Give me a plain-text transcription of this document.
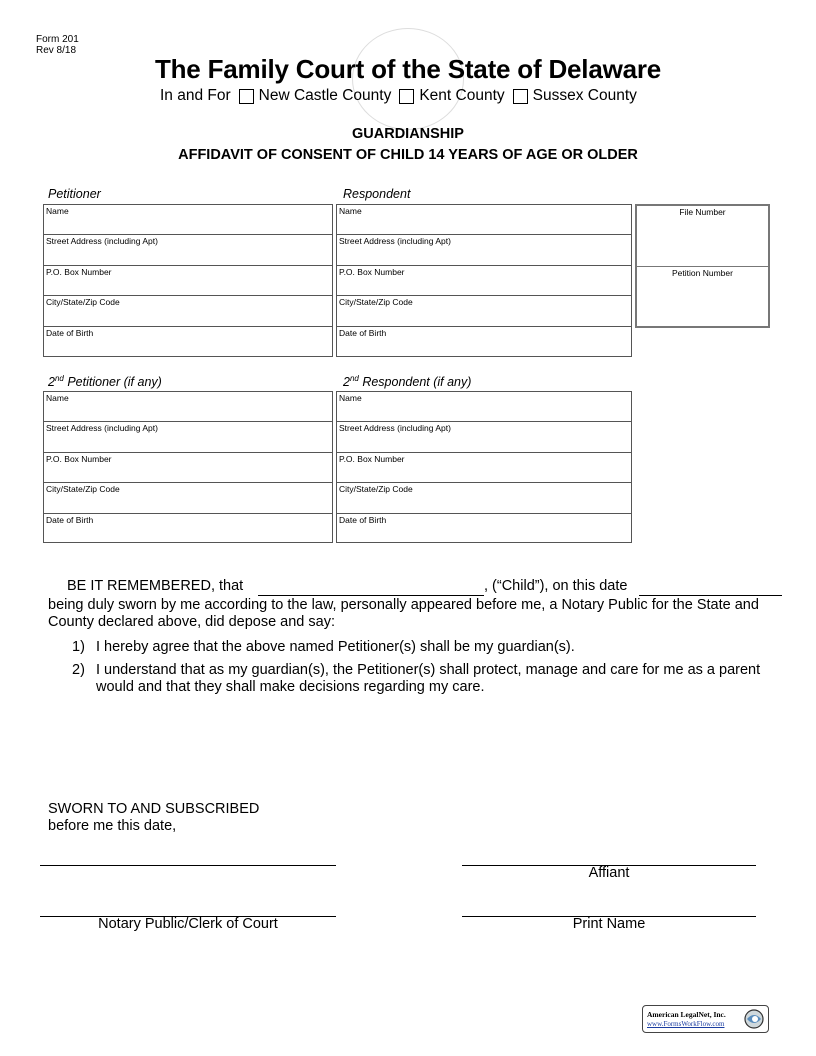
Form 201
Rev 8/18
The Family Court of the State of Delaware
In and For New Castle County Kent County Sussex County
GUARDIANSHIP
AFFIDAVIT OF CONSENT OF CHILD 14 YEARS OF AGE OR OLDER
Petitioner
Name
Street Address (including Apt)
P.O. Box Number
City/State/Zip Code
Date of Birth
Respondent
Name
Street Address (including Apt)
P.O. Box Number
City/State/Zip Code
Date of Birth
File Number
Petition Number
2nd Petitioner (if any)
Name
Street Address (including Apt)
P.O. Box Number
City/State/Zip Code
Date of Birth
2nd Respondent (if any)
Name
Street Address (including Apt)
P.O. Box Number
City/State/Zip Code
Date of Birth
BE IT REMEMBERED, that	, (“Child”), on this date
being duly sworn by me according to the law, personally appeared before me, a Notary Public for the State and
County declared above, did depose and say:
1) I hereby agree that the above named Petitioner(s) shall be my guardian(s).
2) I understand that as my guardian(s), the Petitioner(s) shall protect, manage and care for me as a parent
would and that they shall make decisions regarding my care.
SWORN TO AND SUBSCRIBED
before me this date,
Affiant
Notary Public/Clerk of Court	Print Name
American LegalNet, Inc.
www.FormsWorkFlow.com
